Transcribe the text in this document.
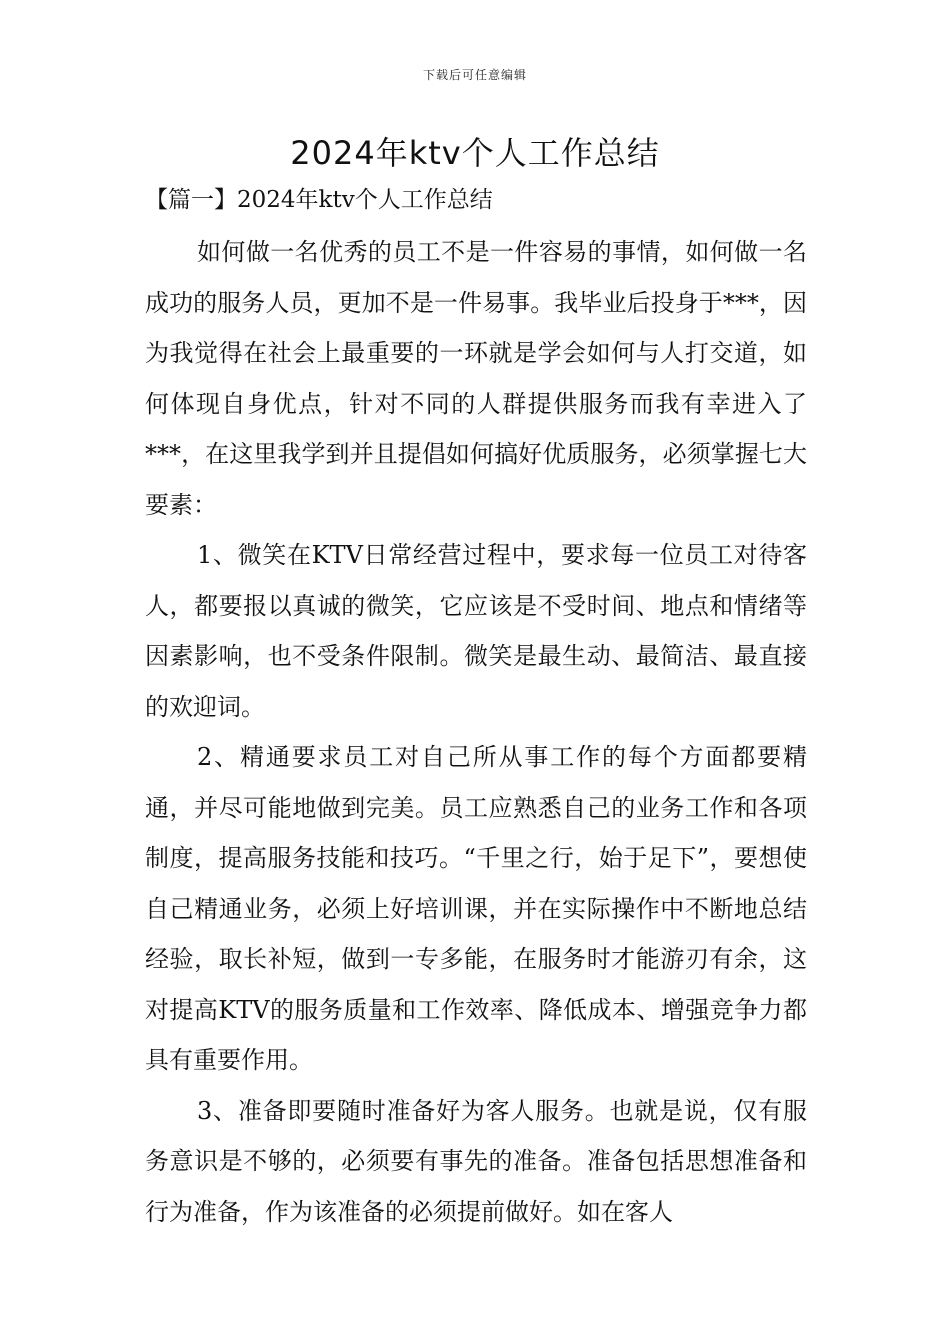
下载后可任意编辑
2024年ktv个人工作总结

【篇一】2024年ktv个人工作总结

如何做一名优秀的员工不是一件容易的事情，如何做一名成功的服务人员，更加不是一件易事。我毕业后投身于***，因为我觉得在社会上最重要的一环就是学会如何与人打交道，如何体现自身优点，针对不同的人群提供服务而我有幸进入了***，在这里我学到并且提倡如何搞好优质服务，必须掌握七大要素：

1、微笑在KTV日常经营过程中，要求每一位员工对待客人，都要报以真诚的微笑，它应该是不受时间、地点和情绪等因素影响，也不受条件限制。微笑是最生动、最简洁、最直接的欢迎词。

2、精通要求员工对自己所从事工作的每个方面都要精通，并尽可能地做到完美。员工应熟悉自己的业务工作和各项制度，提高服务技能和技巧。“千里之行，始于足下”，要想使自己精通业务，必须上好培训课，并在实际操作中不断地总结经验，取长补短，做到一专多能，在服务时才能游刃有余，这对提高KTV的服务质量和工作效率、降低成本、增强竞争力都具有重要作用。

3、准备即要随时准备好为客人服务。也就是说，仅有服务意识是不够的，必须要有事先的准备。准备包括思想准备和行为准备，作为该准备的必须提前做好。如在客人
